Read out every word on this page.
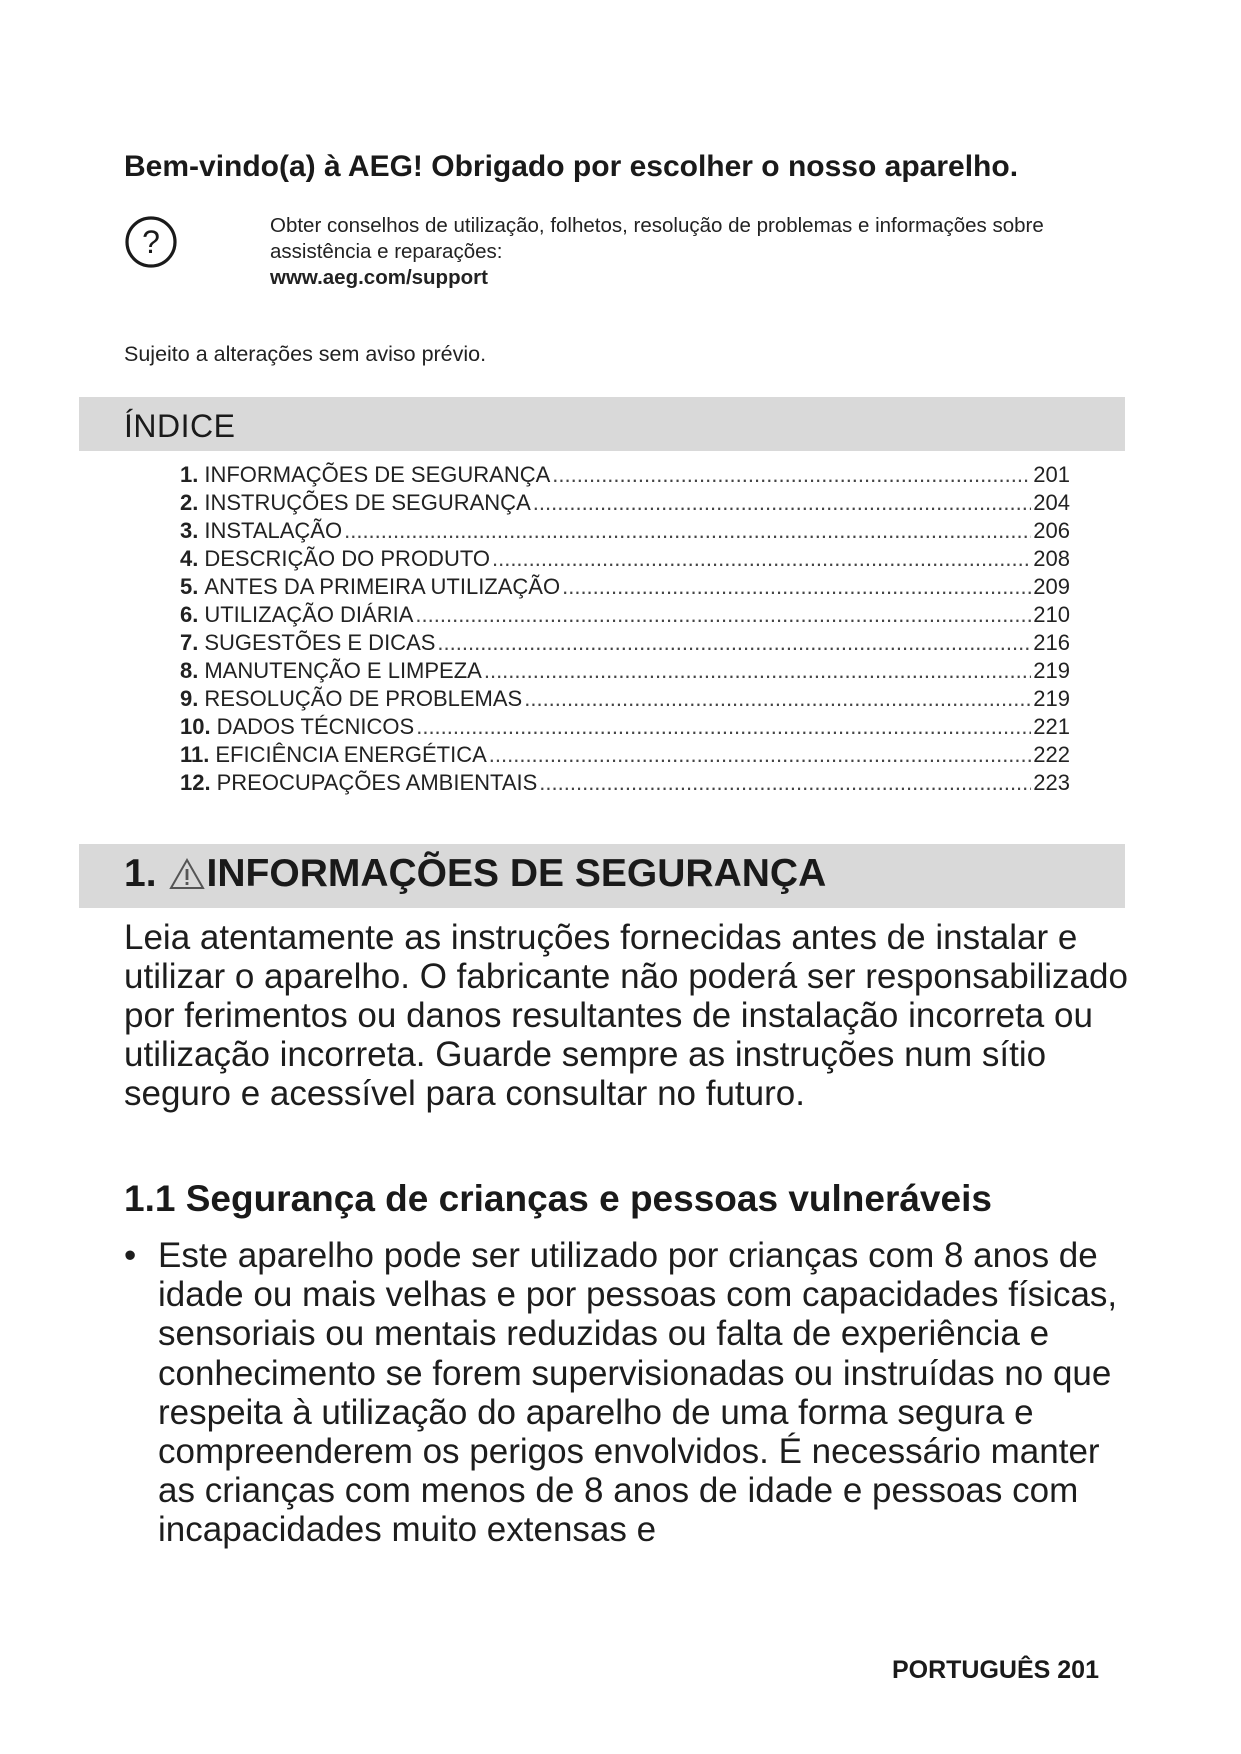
Bem-vindo(a) à AEG! Obrigado por escolher o nosso aparelho.
?	Obter conselhos de utilização, folhetos, resolução de problemas e informações sobre assistência e reparações:
www.aeg.com/support
Sujeito a alterações sem aviso prévio.
ÍNDICE
1. INFORMAÇÕES DE SEGURANÇA .....	201
2. INSTRUÇÕES DE SEGURANÇA .....	204
3. INSTALAÇÃO .....	206
4. DESCRIÇÃO DO PRODUTO .....	208
5. ANTES DA PRIMEIRA UTILIZAÇÃO .....	209
6. UTILIZAÇÃO DIÁRIA .....	210
7. SUGESTÕES E DICAS .....	216
8. MANUTENÇÃO E LIMPEZA .....	219
9. RESOLUÇÃO DE PROBLEMAS .....	219
10. DADOS TÉCNICOS .....	221
11. EFICIÊNCIA ENERGÉTICA .....	222
12. PREOCUPAÇÕES AMBIENTAIS .....	223
1. INFORMAÇÕES DE SEGURANÇA

Leia atentamente as instruções fornecidas antes de instalar e utilizar o aparelho. O fabricante não poderá ser responsabilizado por ferimentos ou danos resultantes de instalação incorreta ou utilização incorreta. Guarde sempre as instruções num sítio seguro e acessível para consultar no futuro.

1.1 Segurança de crianças e pessoas vulneráveis
• Este aparelho pode ser utilizado por crianças com 8 anos de idade ou mais velhas e por pessoas com capacidades físicas, sensoriais ou mentais reduzidas ou falta de experiência e conhecimento se forem supervisionadas ou instruídas no que respeita à utilização do aparelho de uma forma segura e compreenderem os perigos envolvidos. É necessário manter as crianças com menos de 8 anos de idade e pessoas com incapacidades muito extensas e
PORTUGUÊS 201
